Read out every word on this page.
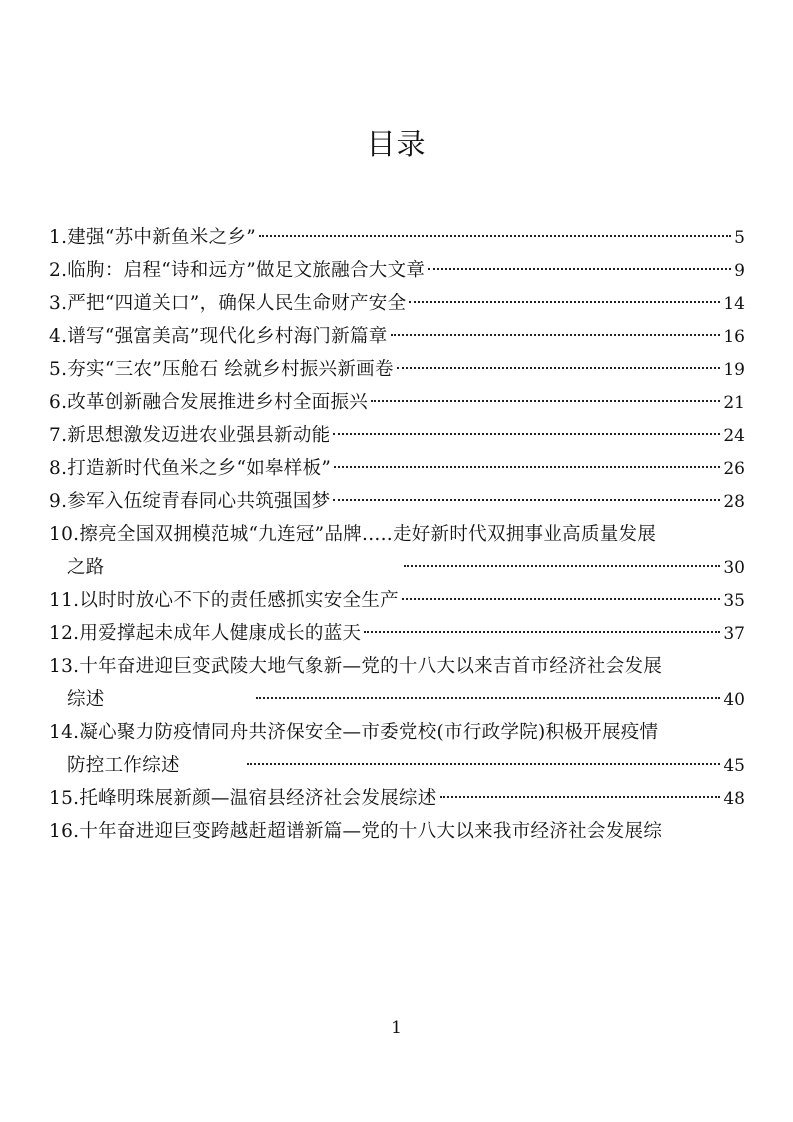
目录
1.建强“苏中新鱼米之乡”	5
2.临朐：启程“诗和远方”做足文旅融合大文章	9
3.严把“四道关口”，确保人民生命财产安全	14
4.谱写“强富美高”现代化乡村海门新篇章	16
5.夯实“三农”压舱石 绘就乡村振兴新画卷	19
6.改革创新融合发展推进乡村全面振兴	21
7.新思想激发迈进农业强县新动能	24
8.打造新时代鱼米之乡“如皋样板”	26
9.参军入伍绽青春同心共筑强国梦	28
10.擦亮全国双拥模范城“九连冠”品牌.....走好新时代双拥事业高质量发展
之路	30
11.以时时放心不下的责任感抓实安全生产	35
12.用爱撑起未成年人健康成长的蓝天	37
13.十年奋进迎巨变武陵大地气象新—党的十八大以来吉首市经济社会发展
综述	40
14.凝心聚力防疫情同舟共济保安全—市委党校(市行政学院)积极开展疫情
防控工作综述	45
15.托峰明珠展新颜—温宿县经济社会发展综述	48
16.十年奋进迎巨变跨越赶超谱新篇—党的十八大以来我市经济社会发展综
1
